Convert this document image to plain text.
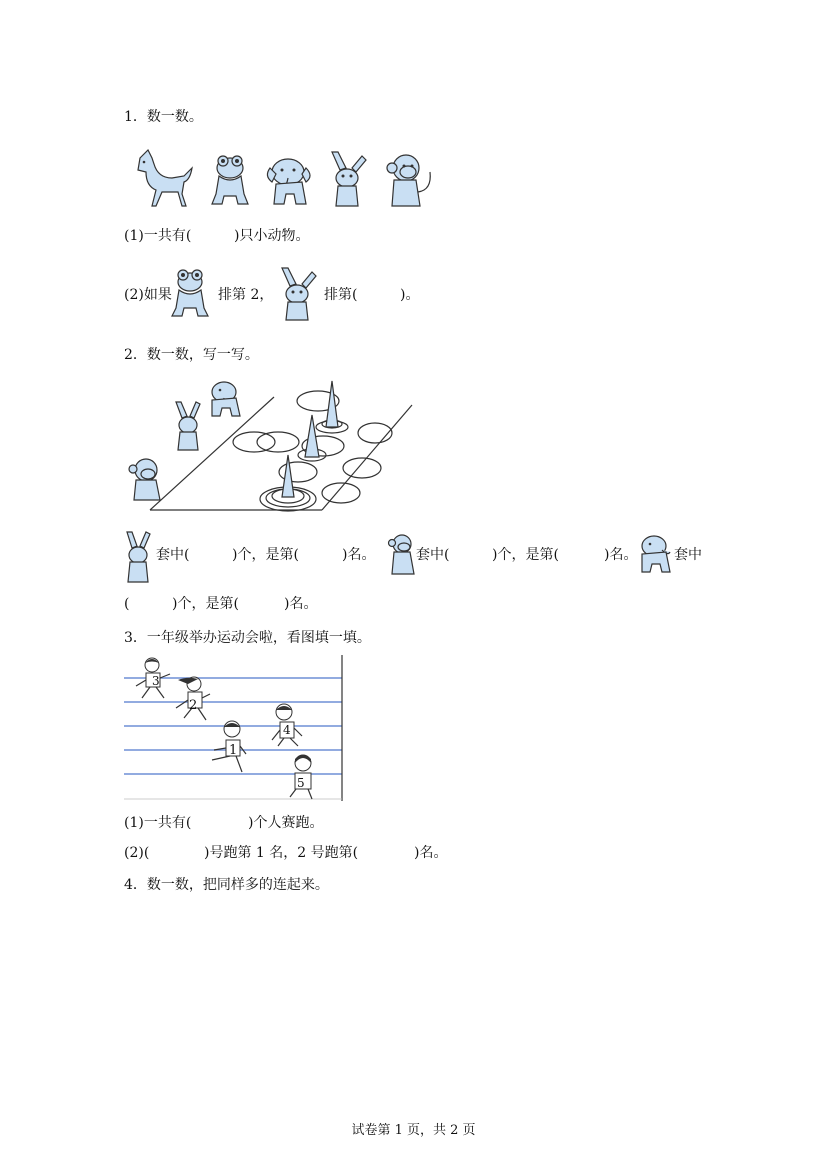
1．数一数。
(1)一共有(	)只小动物。
(2)如果	排第 2，	排第(	)。
2．数一数，写一写。
套中(	)个，是第(	)名。	套中(	)个，是第(	)名。	套中
(	)个，是第(	)名。
3．一年级举办运动会啦，看图填一填。
3
2
1
4
5
(1)一共有(	)个人赛跑。
(2)(	)号跑第 1 名，2 号跑第(	)名。
4．数一数，把同样多的连起来。
试卷第 1 页，共 2 页
